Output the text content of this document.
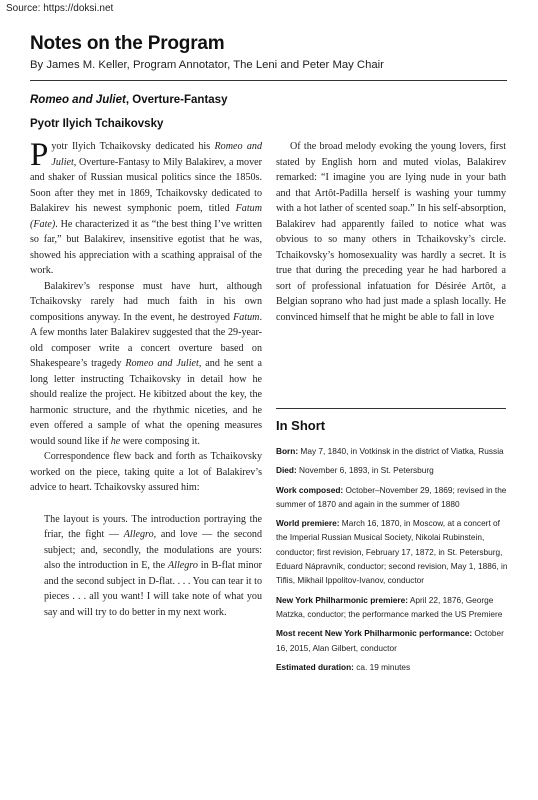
Source: https://doksi.net
Notes on the Program
By James M. Keller, Program Annotator, The Leni and Peter May Chair
Romeo and Juliet, Overture-Fantasy
Pyotr Ilyich Tchaikovsky

Pyotr Ilyich Tchaikovsky dedicated his Romeo and Juliet, Overture-Fantasy to Mily Balakirev, a mover and shaker of Russian musical politics since the 1850s. Soon after they met in 1869, Tchaikovsky dedicated to Balakirev his newest symphonic poem, titled Fatum (Fate). He characterized it as “the best thing I’ve written so far,” but Balakirev, insensitive egotist that he was, showed his appreciation with a scathing appraisal of the work.

Balakirev’s response must have hurt, although Tchaikovsky rarely had much faith in his own compositions anyway. In the event, he destroyed Fatum. A few months later Balakirev suggested that the 29-year-old composer write a concert overture based on Shakespeare’s tragedy Romeo and Juliet, and he sent a long letter instructing Tchaikovsky in detail how he should realize the project. He kibitzed about the key, the harmonic structure, and the rhythmic niceties, and he even offered a sample of what the opening measures would sound like if he were composing it.

Correspondence flew back and forth as Tchaikovsky worked on the piece, taking quite a lot of Balakirev’s advice to heart. Tchaikovsky assured him:

The layout is yours. The introduction portraying the friar, the fight — Allegro, and love — the second subject; and, secondly, the modulations are yours: also the introduction in E, the Allegro in B-flat minor and the second subject in D-flat. . . . You can tear it to pieces . . . all you want! I will take note of what you say and will try to do better in my next work.

Of the broad melody evoking the young lovers, first stated by English horn and muted violas, Balakirev remarked: “I imagine you are lying nude in your bath and that Artôt-Padilla herself is washing your tummy with a hot lather of scented soap.” In his self-absorption, Balakirev had apparently failed to notice what was obvious to so many others in Tchaikovsky’s circle. Tchaikovsky’s homosexuality was hardly a secret. It is true that during the preceding year he had harbored a sort of professional infatuation for Désirée Artôt, a Belgian soprano who had just made a splash locally. He convinced himself that he might be able to fall in love

In Short

Born: May 7, 1840, in Votkinsk in the district of Viatka, Russia

Died: November 6, 1893, in St. Petersburg

Work composed: October–November 29, 1869; revised in the summer of 1870 and again in the summer of 1880

World premiere: March 16, 1870, in Moscow, at a concert of the Imperial Russian Musical Society, Nikolai Rubinstein, conductor; first revision, February 17, 1872, in St. Petersburg, Eduard Nápravník, conductor; second revision, May 1, 1886, in Tiflis, Mikhail Ippolitov-Ivanov, conductor

New York Philharmonic premiere: April 22, 1876, George Matzka, conductor; the performance marked the US Premiere

Most recent New York Philharmonic performance: October 16, 2015, Alan Gilbert, conductor

Estimated duration: ca. 19 minutes
